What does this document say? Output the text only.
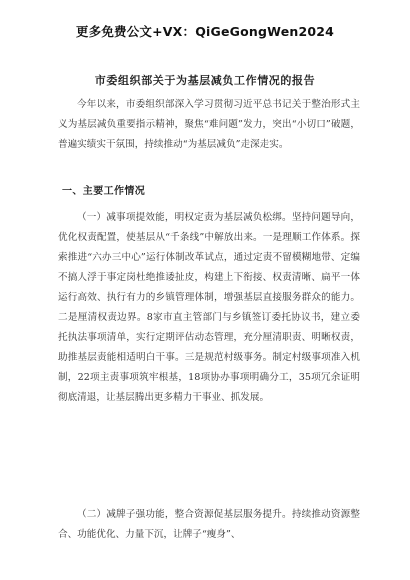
更多免费公文+VX：QiGeGongWen2024
市委组织部关于为基层减负工作情况的报告

今年以来，市委组织部深入学习贯彻习近平总书记关于整治形式主义为基层减负重要指示精神，聚焦“难问题”发力，突出“小切口”破题，普遍实绩实干氛围，持续推动“为基层减负”走深走实。

一、主要工作情况

（一）减事项提效能，明权定责为基层减负松绑。坚持问题导向，优化权责配置，使基层从“千条线”中解放出来。一是理顺工作体系。探索推进“六办三中心”运行体制改革试点，通过定责不留模糊地带、定编不搞人浮于事定岗杜绝推诿扯皮，构建上下衔接、权责清晰、扁平一体运行高效、执行有力的乡镇管理体制，增强基层直接服务群众的能力。二是厘清权责边界。8家市直主管部门与乡镇签订委托协议书，建立委托执法事项清单，实行定期评估动态管理，充分厘清职责、明晰权责，助推基层责能相适明白干事。三是规范村级事务。制定村级事项准入机制，22项主责事项筑牢根基，18项协办事项明确分工，35项冗余证明彻底清退，让基层腾出更多精力干事业、抓发展。

（二）减牌子强功能，整合资源促基层服务提升。持续推动资源整合、功能优化、力量下沉，让牌子“瘦身”、
